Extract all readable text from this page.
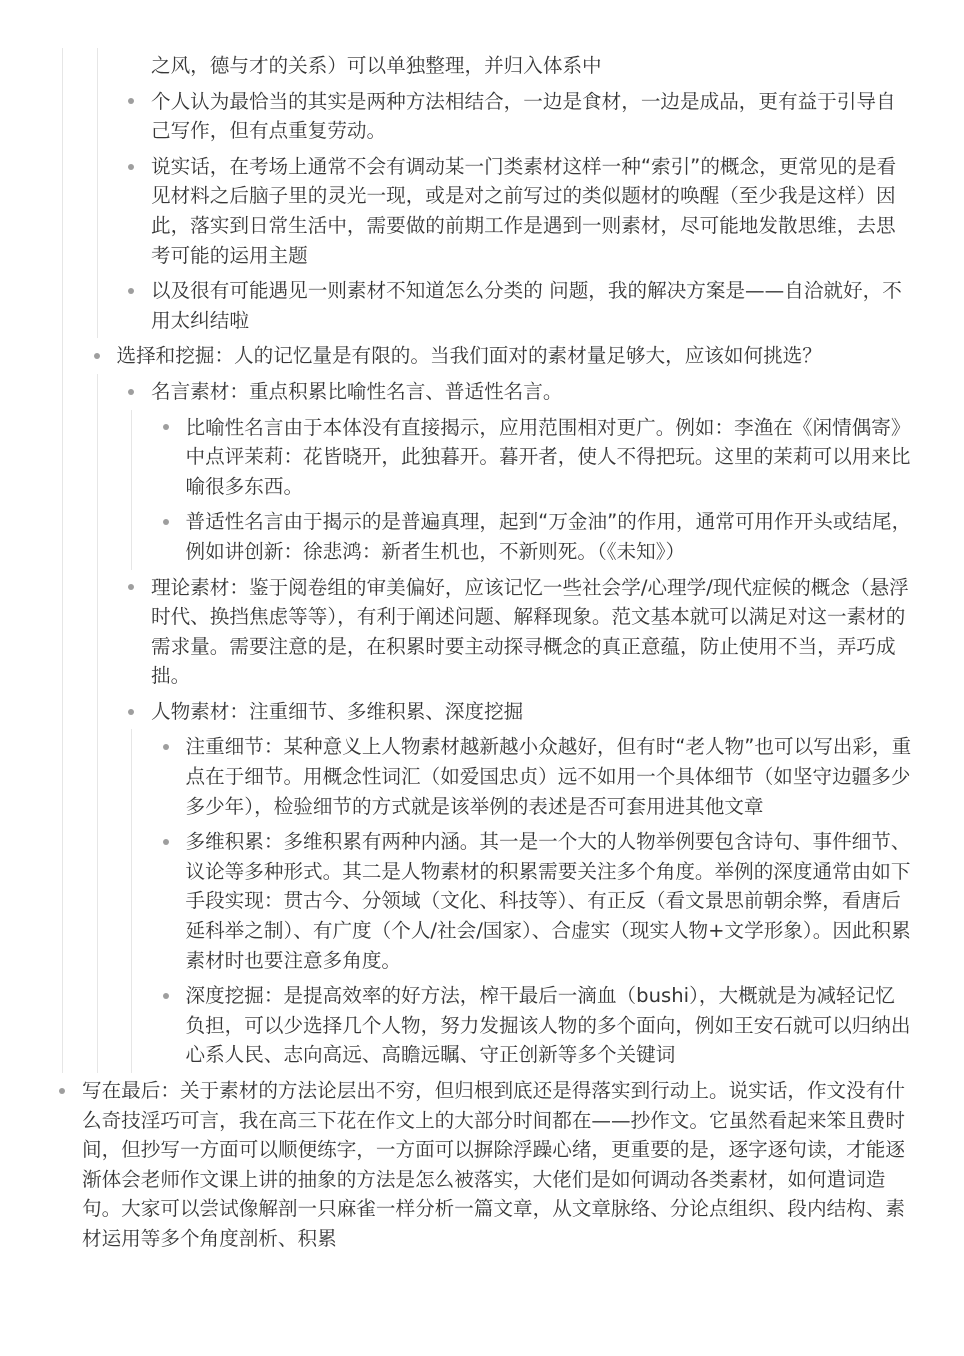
之风，德与才的关系）可以单独整理，并归入体系中
个人认为最恰当的其实是两种方法相结合，一边是食材，一边是成品，更有益于引导自己写作，但有点重复劳动。
说实话，在考场上通常不会有调动某一门类素材这样一种“索引”的概念，更常见的是看见材料之后脑子里的灵光一现，或是对之前写过的类似题材的唤醒（至少我是这样）因此，落实到日常生活中，需要做的前期工作是遇到一则素材，尽可能地发散思维，去思考可能的运用主题
以及很有可能遇见一则素材不知道怎么分类的 问题，我的解决方案是——自洽就好，不用太纠结啦
选择和挖掘：人的记忆量是有限的。当我们面对的素材量足够大，应该如何挑选？
名言素材：重点积累比喻性名言、普适性名言。
比喻性名言由于本体没有直接揭示，应用范围相对更广。例如：李渔在《闲情偶寄》中点评茉莉：花皆晓开，此独暮开。暮开者，使人不得把玩。这里的茉莉可以用来比喻很多东西。
普适性名言由于揭示的是普遍真理，起到“万金油”的作用，通常可用作开头或结尾，例如讲创新：徐悲鸿：新者生机也，不新则死。（《未知》）
理论素材：鉴于阅卷组的审美偏好，应该记忆一些社会学/心理学/现代症候的概念（悬浮时代、换挡焦虑等等），有利于阐述问题、解释现象。范文基本就可以满足对这一素材的需求量。需要注意的是，在积累时要主动探寻概念的真正意蕴，防止使用不当，弄巧成拙。
人物素材：注重细节、多维积累、深度挖掘
注重细节：某种意义上人物素材越新越小众越好，但有时“老人物”也可以写出彩，重点在于细节。用概念性词汇（如爱国忠贞）远不如用一个具体细节（如坚守边疆多少多少年），检验细节的方式就是该举例的表述是否可套用进其他文章
多维积累：多维积累有两种内涵。其一是一个大的人物举例要包含诗句、事件细节、议论等多种形式。其二是人物素材的积累需要关注多个角度。举例的深度通常由如下手段实现：贯古今、分领域（文化、科技等）、有正反（看文景思前朝余弊，看唐后延科举之制）、有广度（个人/社会/国家）、合虚实（现实人物+文学形象）。因此积累素材时也要注意多角度。
深度挖掘：是提高效率的好方法，榨干最后一滴血（bushi），大概就是为减轻记忆负担，可以少选择几个人物，努力发掘该人物的多个面向，例如王安石就可以归纳出心系人民、志向高远、高瞻远瞩、守正创新等多个关键词
写在最后：关于素材的方法论层出不穷，但归根到底还是得落实到行动上。说实话，作文没有什么奇技淫巧可言，我在高三下花在作文上的大部分时间都在——抄作文。它虽然看起来笨且费时间，但抄写一方面可以顺便练字，一方面可以摒除浮躁心绪，更重要的是，逐字逐句读，才能逐渐体会老师作文课上讲的抽象的方法是怎么被落实，大佬们是如何调动各类素材，如何遣词造句。大家可以尝试像解剖一只麻雀一样分析一篇文章，从文章脉络、分论点组织、段内结构、素材运用等多个角度剖析、积累
